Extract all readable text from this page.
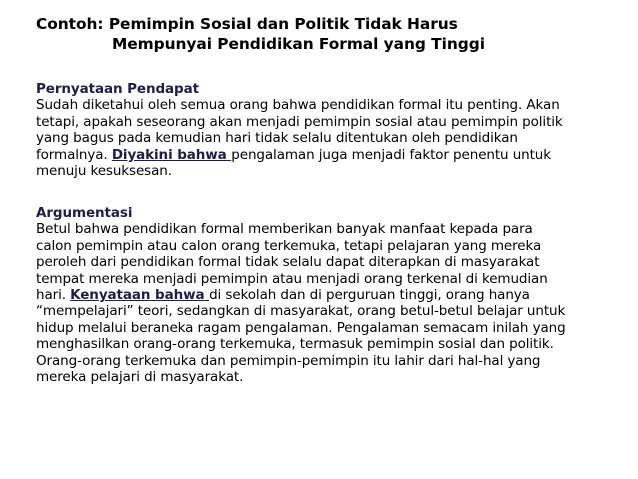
Contoh: Pemimpin Sosial dan Politik Tidak Harus
Mempunyai Pendidikan Formal yang Tinggi
Pernyataan Pendapat
Sudah diketahui oleh semua orang bahwa pendidikan formal itu penting. Akan
tetapi, apakah seseorang akan menjadi pemimpin sosial atau pemimpin politik
yang bagus pada kemudian hari tidak selalu ditentukan oleh pendidikan
formalnya. Diyakini bahwa pengalaman juga menjadi faktor penentu untuk
menuju kesuksesan.
Argumentasi
Betul bahwa pendidikan formal memberikan banyak manfaat kepada para
calon pemimpin atau calon orang terkemuka, tetapi pelajaran yang mereka
peroleh dari pendidikan formal tidak selalu dapat diterapkan di masyarakat
tempat mereka menjadi pemimpin atau menjadi orang terkenal di kemudian
hari. Kenyataan bahwa di sekolah dan di perguruan tinggi, orang hanya
“mempelajari” teori, sedangkan di masyarakat, orang betul-betul belajar untuk
hidup melalui beraneka ragam pengalaman. Pengalaman semacam inilah yang
menghasilkan orang-orang terkemuka, termasuk pemimpin sosial dan politik.
Orang-orang terkemuka dan pemimpin-pemimpin itu lahir dari hal-hal yang
mereka pelajari di masyarakat.
